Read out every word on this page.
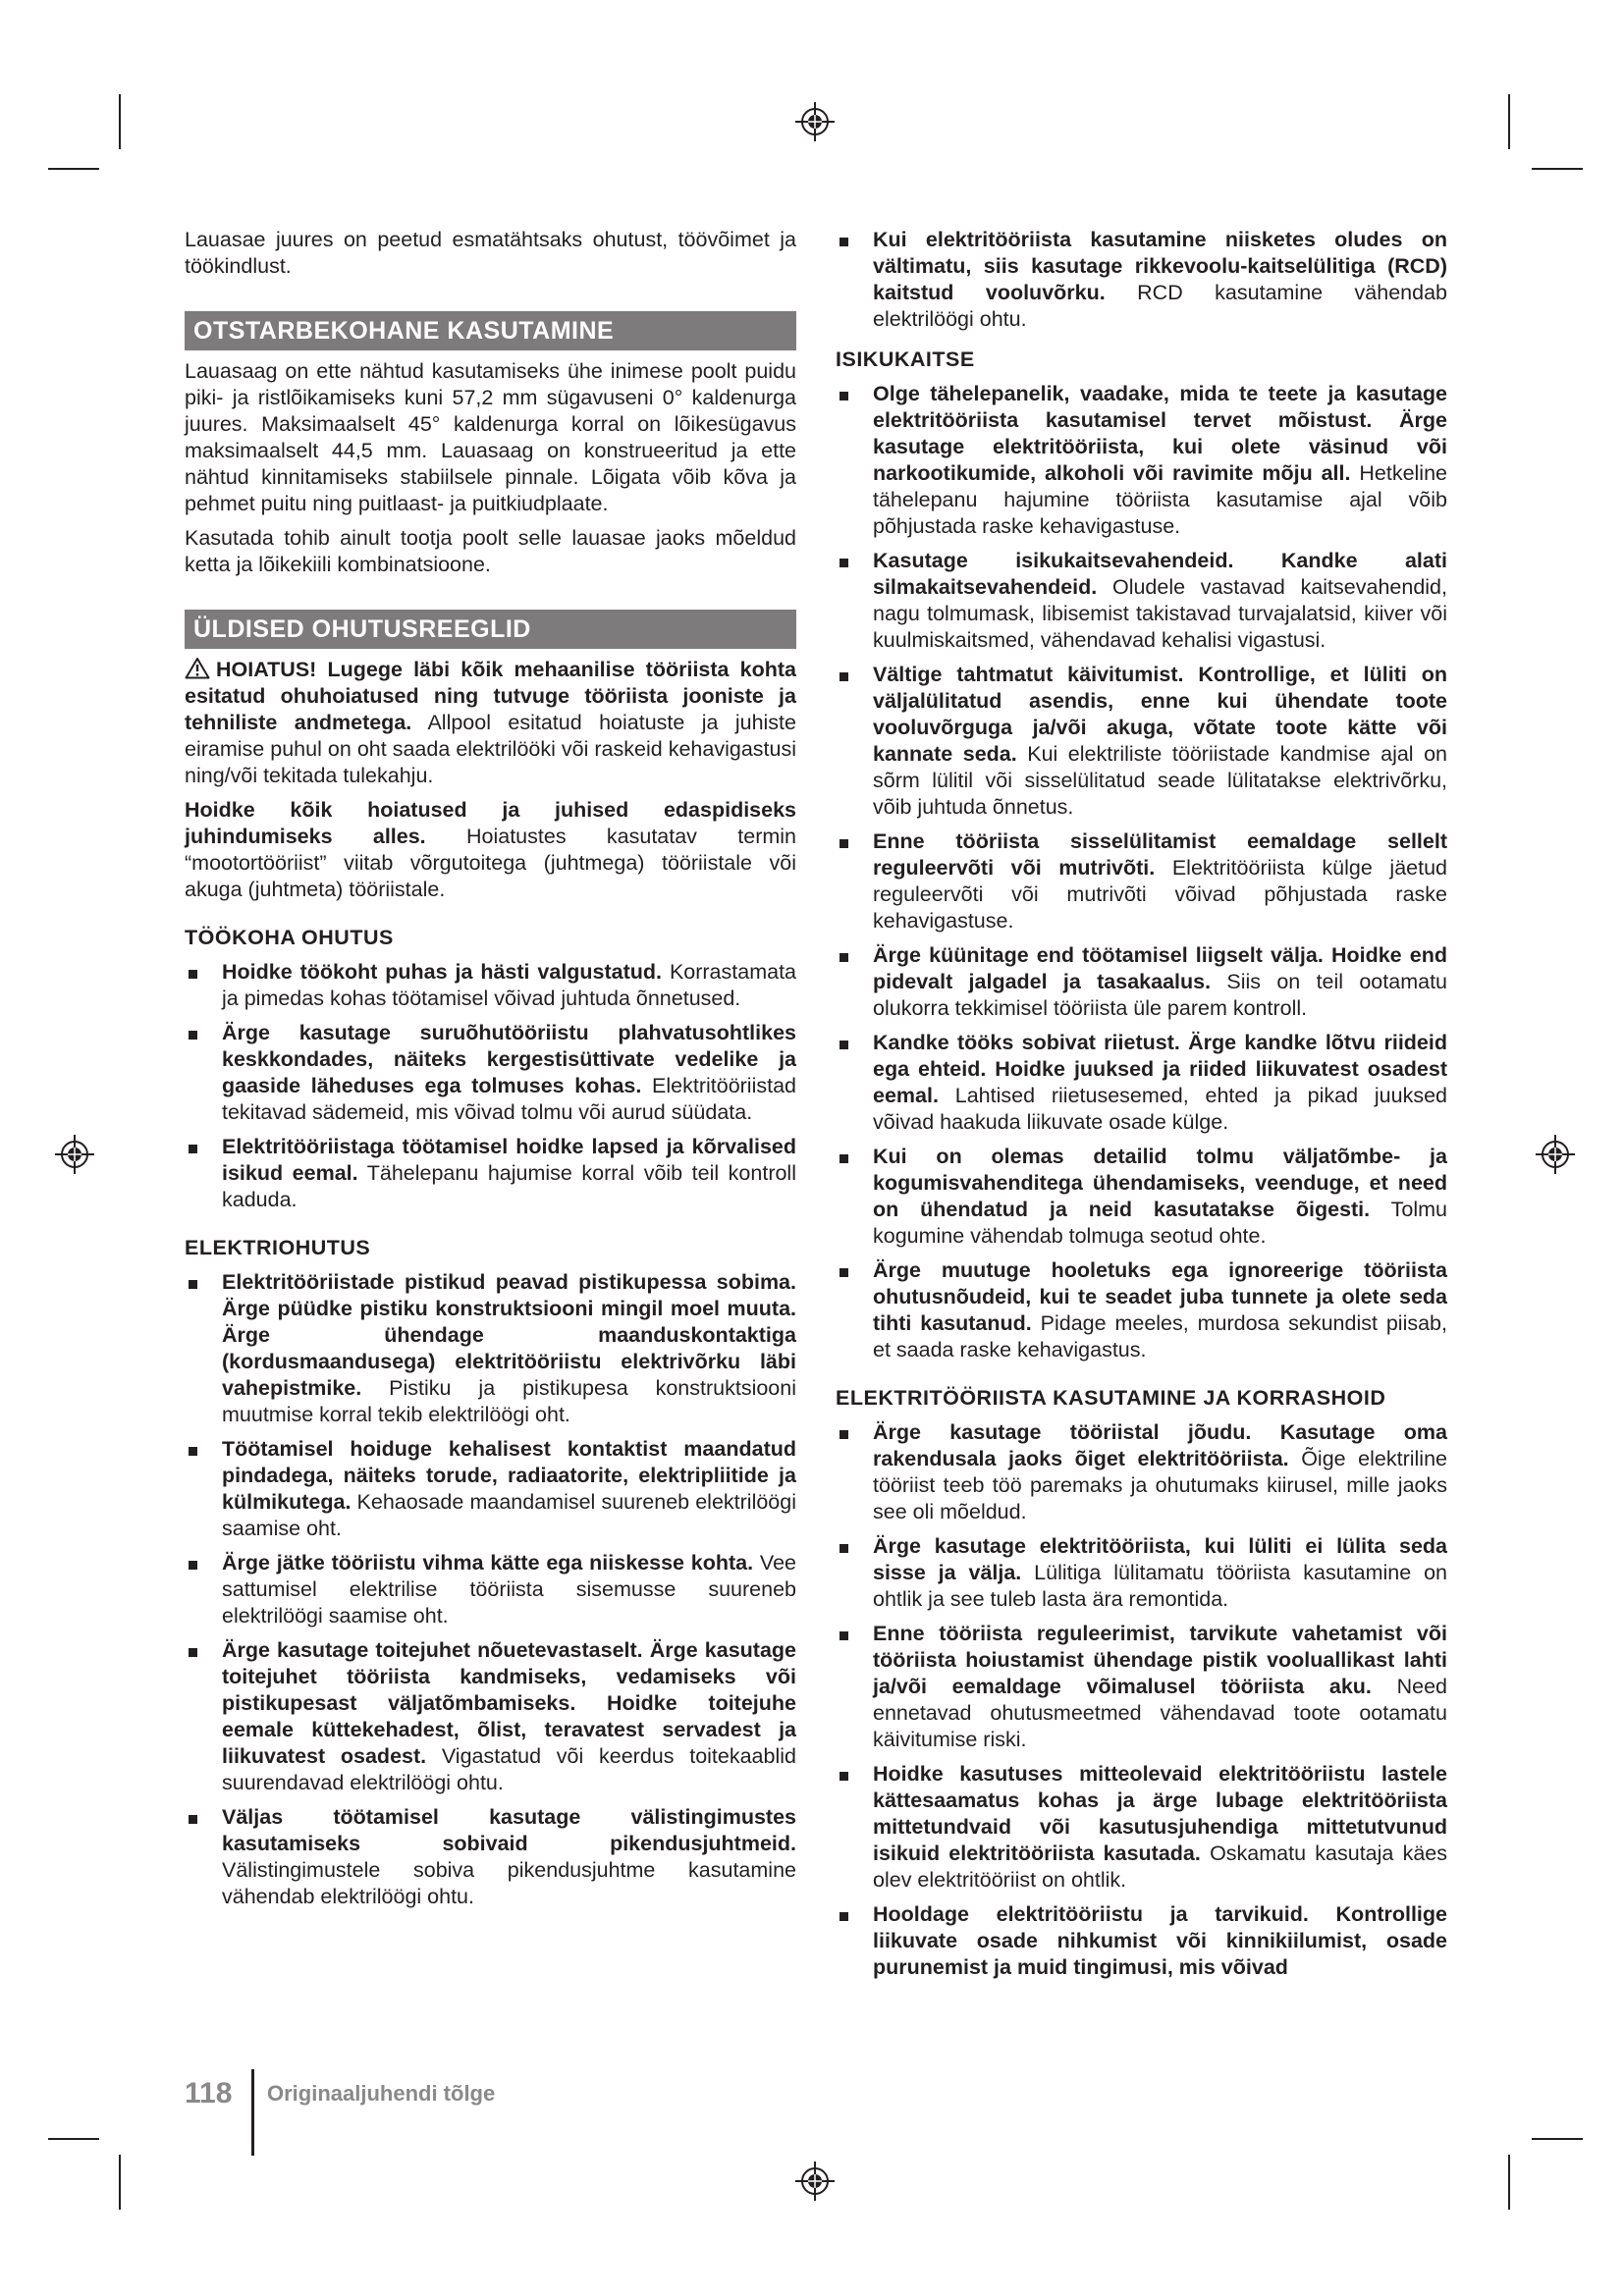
Lauasae juures on peetud esmatähtsaks ohutust, töövõimet ja töökindlust.

OTSTARBEKOHANE KASUTAMINE

Lauasaag on ette nähtud kasutamiseks ühe inimese poolt puidu piki- ja ristlõikamiseks kuni 57,2 mm sügavuseni 0° kaldenurga juures. Maksimaalselt 45° kaldenurga korral on lõikesügavus maksimaalselt 44,5 mm. Lauasaag on konstrueeritud ja ette nähtud kinnitamiseks stabiilsele pinnale. Lõigata võib kõva ja pehmet puitu ning puitlaast- ja puitkiudplaate.

Kasutada tohib ainult tootja poolt selle lauasae jaoks mõeldud ketta ja lõikekiili kombinatsioone.

ÜLDISED OHUTUSREEGLID

HOIATUS! Lugege läbi kõik mehaanilise tööriista kohta esitatud ohuhoiatused ning tutvuge tööriista jooniste ja tehniliste andmetega. Allpool esitatud hoiatuste ja juhiste eiramise puhul on oht saada elektrilööki või raskeid kehavigastusi ning/või tekitada tulekahju.

Hoidke kõik hoiatused ja juhised edaspidiseks juhindumiseks alles. Hoiatustes kasutatav termin “mootortööriist” viitab võrgutoitega (juhtmega) tööriistale või akuga (juhtmeta) tööriistale.

TÖÖKOHA OHUTUS
Hoidke töökoht puhas ja hästi valgustatud. Korrastamata ja pimedas kohas töötamisel võivad juhtuda õnnetused.
Ärge kasutage suruõhutööriistu plahvatusohtlikes keskkondades, näiteks kergestisüttivate vedelike ja gaaside läheduses ega tolmuses kohas. Elektritööriistad tekitavad sädemeid, mis võivad tolmu või aurud süüdata.
Elektritööriistaga töötamisel hoidke lapsed ja kõrvalised isikud eemal. Tähelepanu hajumise korral võib teil kontroll kaduda.
ELEKTRIOHUTUS
Elektritööriistade pistikud peavad pistikupessa sobima. Ärge püüdke pistiku konstruktsiooni mingil moel muuta. Ärge ühendage maanduskontaktiga (kordusmaandusega) elektritööriistu elektrivõrku läbi vahepistmike. Pistiku ja pistikupesa konstruktsiooni muutmise korral tekib elektrilöögi oht.
Töötamisel hoiduge kehalisest kontaktist maandatud pindadega, näiteks torude, radiaatorite, elektripliitide ja külmikutega. Kehaosade maandamisel suureneb elektrilöögi saamise oht.
Ärge jätke tööriistu vihma kätte ega niiskesse kohta. Vee sattumisel elektrilise tööriista sisemusse suureneb elektrilöögi saamise oht.
Ärge kasutage toitejuhet nõuetevastaselt. Ärge kasutage toitejuhet tööriista kandmiseks, vedamiseks või pistikupesast väljatõmbamiseks. Hoidke toitejuhe eemale küttekehadest, õlist, teravatest servadest ja liikuvatest osadest. Vigastatud või keerdus toitekaablid suurendavad elektrilöögi ohtu.
Väljas töötamisel kasutage välistingimustes kasutamiseks sobivaid pikendusjuhtmeid. Välistingimustele sobiva pikendusjuhtme kasutamine vähendab elektrilöögi ohtu.
Kui elektritööriista kasutamine niisketes oludes on vältimatu, siis kasutage rikkevoolu-kaitselülitiga (RCD) kaitstud vooluvõrku. RCD kasutamine vähendab elektrilöögi ohtu.
ISIKUKAITSE
Olge tähelepanelik, vaadake, mida te teete ja kasutage elektritööriista kasutamisel tervet mõistust. Ärge kasutage elektritööriista, kui olete väsinud või narkootikumide, alkoholi või ravimite mõju all. Hetkeline tähelepanu hajumine tööriista kasutamise ajal võib põhjustada raske kehavigastuse.
Kasutage isikukaitsevahendeid. Kandke alati silmakaitsevahendeid. Oludele vastavad kaitsevahendid, nagu tolmumask, libisemist takistavad turvajalatsid, kiiver või kuulmiskaitsmed, vähendavad kehalisi vigastusi.
Vältige tahtmatut käivitumist. Kontrollige, et lüliti on väljalülitatud asendis, enne kui ühendate toote vooluvõrguga ja/või akuga, võtate toote kätte või kannate seda. Kui elektriliste tööriistade kandmise ajal on sõrm lülitil või sisselülitatud seade lülitatakse elektrivõrku, võib juhtuda õnnetus.
Enne tööriista sisselülitamist eemaldage sellelt reguleervõti või mutrivõti. Elektritööriista külge jäetud reguleervõti või mutrivõti võivad põhjustada raske kehavigastuse.
Ärge küünitage end töötamisel liigselt välja. Hoidke end pidevalt jalgadel ja tasakaalus. Siis on teil ootamatu olukorra tekkimisel tööriista üle parem kontroll.
Kandke tööks sobivat riietust. Ärge kandke lõtvu riideid ega ehteid. Hoidke juuksed ja riided liikuvatest osadest eemal. Lahtised riietusesemed, ehted ja pikad juuksed võivad haakuda liikuvate osade külge.
Kui on olemas detailid tolmu väljatõmbe- ja kogumisvahenditega ühendamiseks, veenduge, et need on ühendatud ja neid kasutatakse õigesti. Tolmu kogumine vähendab tolmuga seotud ohte.
Ärge muutuge hooletuks ega ignoreerige tööriista ohutusnõudeid, kui te seadet juba tunnete ja olete seda tihti kasutanud. Pidage meeles, murdosa sekundist piisab, et saada raske kehavigastus.
ELEKTRITÖÖRIISTA KASUTAMINE JA KORRASHOID
Ärge kasutage tööriistal jõudu. Kasutage oma rakendusala jaoks õiget elektritööriista. Õige elektriline tööriist teeb töö paremaks ja ohutumaks kiirusel, mille jaoks see oli mõeldud.
Ärge kasutage elektritööriista, kui lüliti ei lülita seda sisse ja välja. Lülitiga lülitamatu tööriista kasutamine on ohtlik ja see tuleb lasta ära remontida.
Enne tööriista reguleerimist, tarvikute vahetamist või tööriista hoiustamist ühendage pistik vooluallikast lahti ja/või eemaldage võimalusel tööriista aku. Need ennetavad ohutusmeetmed vähendavad toote ootamatu käivitumise riski.
Hoidke kasutuses mitteolevaid elektritööriistu lastele kättesaamatus kohas ja ärge lubage elektritööriista mittetundvaid või kasutusjuhendiga mittetutvunud isikuid elektritööriista kasutada. Oskamatu kasutaja käes olev elektritööriist on ohtlik.
Hooldage elektritööriistu ja tarvikuid. Kontrollige liikuvate osade nihkumist või kinnikiilumist, osade purunemist ja muid tingimusi, mis võivad
118 Originaaljuhendi tõlge
